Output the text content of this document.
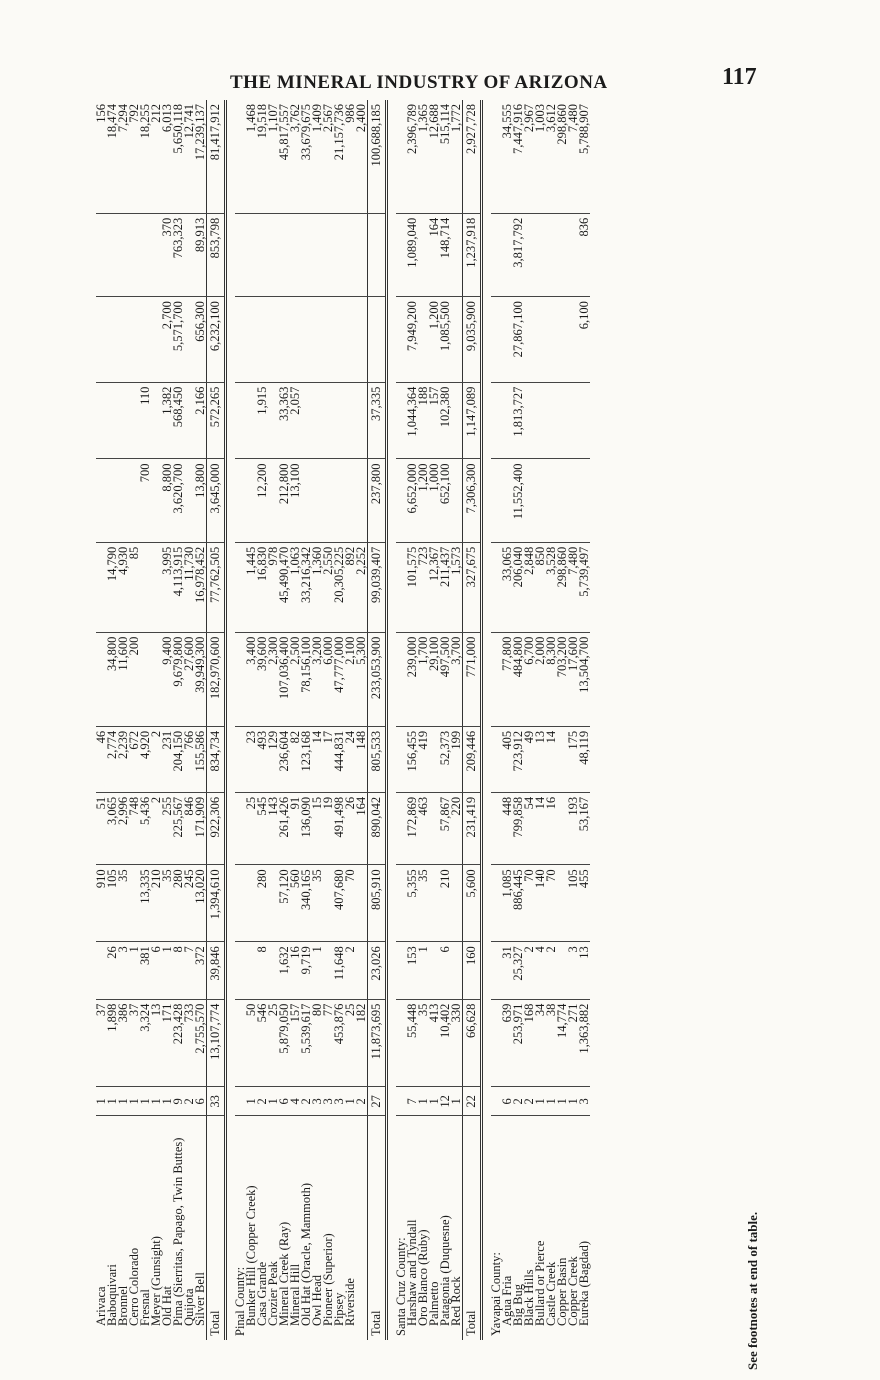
THE MINERAL INDUSTRY OF ARIZONA	117
Arivaca	1	37		910	51	46							156
Baboquivari	1	1,898	26	105	3,065	2,774	34,800	14,790					18,474
Bronnel	1	386	3	35	2,996	2,239	11,600	4,930					7,294
Cerro Colorado	1	37	1		748	672	200	85					792
Fresnal	1	3,324	381	13,335	5,436	4,920			700	110			18,255
Meyer (Gunsight)	1	13	6	210	2	2							212
Old Hat	1	171	1	35	255	231	9,400	3,995	8,800	1,382	2,700	370	6,013
Pima (Sierritas, Papago, Twin Buttes)	9	223,428	8	280	225,567	204,150	9,679,800	4,113,915	3,620,700	568,450	5,571,700	763,323	5,650,118
Quijota	2	733	7	245	846	766	27,600	11,730					12,741
Silver Bell	6	2,755,570	372	13,020	171,909	155,586	39,949,300	16,978,452	13,800	2,166	656,300	89,913	17,239,137
Total	33	13,107,774	39,846	1,394,610	922,306	834,734	182,970,600	77,762,505	3,645,000	572,265	6,232,100	853,798	81,417,912

Pinal County:													
Bunker Hill (Copper Creek)	1	50			25	23	3,400	1,445					1,468
Casa Grande	2	546	8	280	545	493	39,600	16,830	12,200	1,915			19,518
Crozier Peak	1	25			143	129	2,300	978					1,107
Mineral Creek (Ray)	6	5,879,050	1,632	57,120	261,426	236,604	107,036,400	45,490,470	212,800	33,363			45,817,557
Mineral Hill	4	157	16	560	91	82	2,500	1,063	13,100	2,057			3,762
Old Hat (Oracle, Mammoth)	2	5,539,617	9,719	340,165	136,090	123,168	78,156,100	33,216,342					33,679,675
Owl Head	3	80	1	35	15	14	3,200	1,360					1,409
Pioneer (Superior)	3	77			19	17	6,000	2,550					2,567
Pipsey	3	453,876	11,648	407,680	491,498	444,831	47,777,000	20,305,225					21,157,736
Riverside	1	25	2	70	26	24	2,100	892					986
	2	182			164	148	5,300	2,252					2,400
Total	27	11,873,695	23,026	805,910	890,042	805,533	233,053,900	99,039,407	237,800	37,335			100,688,185

Santa Cruz County:													
Harshaw and Tyndall	7	55,448	153	5,355	172,869	156,455	239,000	101,575	6,652,000	1,044,364	7,949,200	1,089,040	2,396,789
Oro Blanco (Ruby)	1	35	1	35	463	419	1,700	723	1,200	188			1,365
Palmetto	1	413					29,100	12,367	1,000	157	1,200	164	12,688
Patagonia (Duquesne)	12	10,402	6	210	57,867	52,373	497,500	211,437	652,100	102,380	1,085,500	148,714	515,114
Red Rock	1	330			220	199	3,700	1,573					1,772
Total	22	66,628	160	5,600	231,419	209,446	771,000	327,675	7,306,300	1,147,089	9,035,900	1,237,918	2,927,728

Yavapai County:													
Agua Fria	6	639	31	1,085	448	405	77,800	33,065					34,555
Big Bug	2	253,971	25,327	886,445	799,858	723,912	484,800	206,040	11,552,400	1,813,727	27,867,100	3,817,792	7,447,916
Black Hills	2	168	2	70	54	49	6,700	2,848					2,967
Bullard or Pierce	1	34	4	140	14	13	2,000	850					1,003
Castle Creek	1	38	2	70	16	14	8,300	3,528					3,612
Copper Basin	1	14,774					703,200	298,860					298,860
Copper Creek	1	271	3	105	193	175	17,600	7,480					7,480
Eureka (Bagdad)	3	1,363,882	13	455	53,167	48,119	13,504,700	5,739,497			6,100	836	5,788,907
See footnotes at end of table.
